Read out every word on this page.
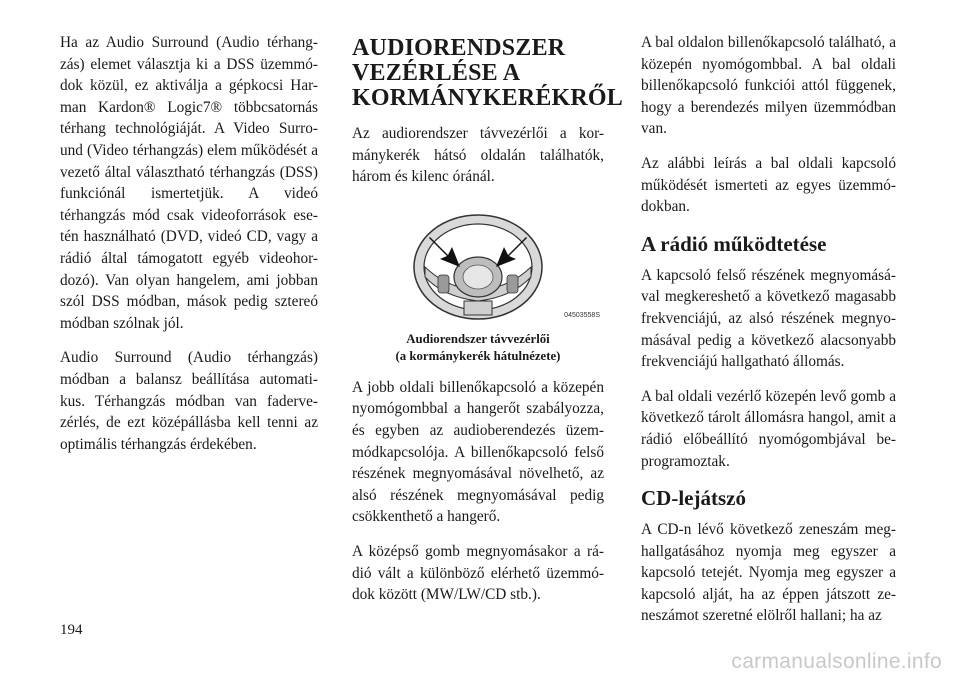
Ha az Audio Surround (Audio térhang-zás) elemet választja ki a DSS üzemmó-dok közül, ez aktiválja a gépkocsi Har-man Kardon® Logic7® többcsatornás térhang technológiáját. A Video Surro-und (Video térhangzás) elem működését a vezető által választható térhangzás (DSS) funkciónál ismertetjük. A videó térhangzás mód csak videoforrások ese-tén használható (DVD, videó CD, vagy a rádió által támogatott egyéb videohor-dozó). Van olyan hangelem, ami jobban szól DSS módban, mások pedig sztereó módban szólnak jól.

Audio Surround (Audio térhangzás) módban a balansz beállítása automati-kus. Térhangzás módban van faderve-zérlés, de ezt középállásba kell tenni az optimális térhangzás érdekében.

AUDIORENDSZER VEZÉRLÉSE A KORMÁNYKERÉKRŐL

Az audiorendszer távvezérlői a kor-mánykerék hátsó oldalán találhatók, három és kilenc óránál.

04503558S
Audiorendszer távvezérlői
(a kormánykerék hátulnézete)

A jobb oldali billenőkapcsoló a közepén nyomógombbal a hangerőt szabályozza, és egyben az audioberendezés üzem-módkapcsolója. A billenőkapcsoló felső részének megnyomásával növelhető, az alsó részének megnyomásával pedig csökkenthető a hangerő.

A középső gomb megnyomásakor a rá-dió vált a különböző elérhető üzemmó-dok között (MW/LW/CD stb.).

A bal oldalon billenőkapcsoló található, a közepén nyomógombbal. A bal oldali billenőkapcsoló funkciói attól függenek, hogy a berendezés milyen üzemmódban van.

Az alábbi leírás a bal oldali kapcsoló működését ismerteti az egyes üzemmó-dokban.

A rádió működtetése

A kapcsoló felső részének megnyomásá-val megkereshető a következő magasabb frekvenciájú, az alsó részének megnyo-másával pedig a következő alacsonyabb frekvenciájú hallgatható állomás.

A bal oldali vezérlő közepén levő gomb a következő tárolt állomásra hangol, amit a rádió előbeállító nyomógombjával be-programoztak.

CD-lejátszó

A CD-n lévő következő zeneszám meg-hallgatásához nyomja meg egyszer a kapcsoló tetejét. Nyomja meg egyszer a kapcsoló alját, ha az éppen játszott ze-neszámot szeretné elölről hallani; ha az

194
carmanualsonline.info
